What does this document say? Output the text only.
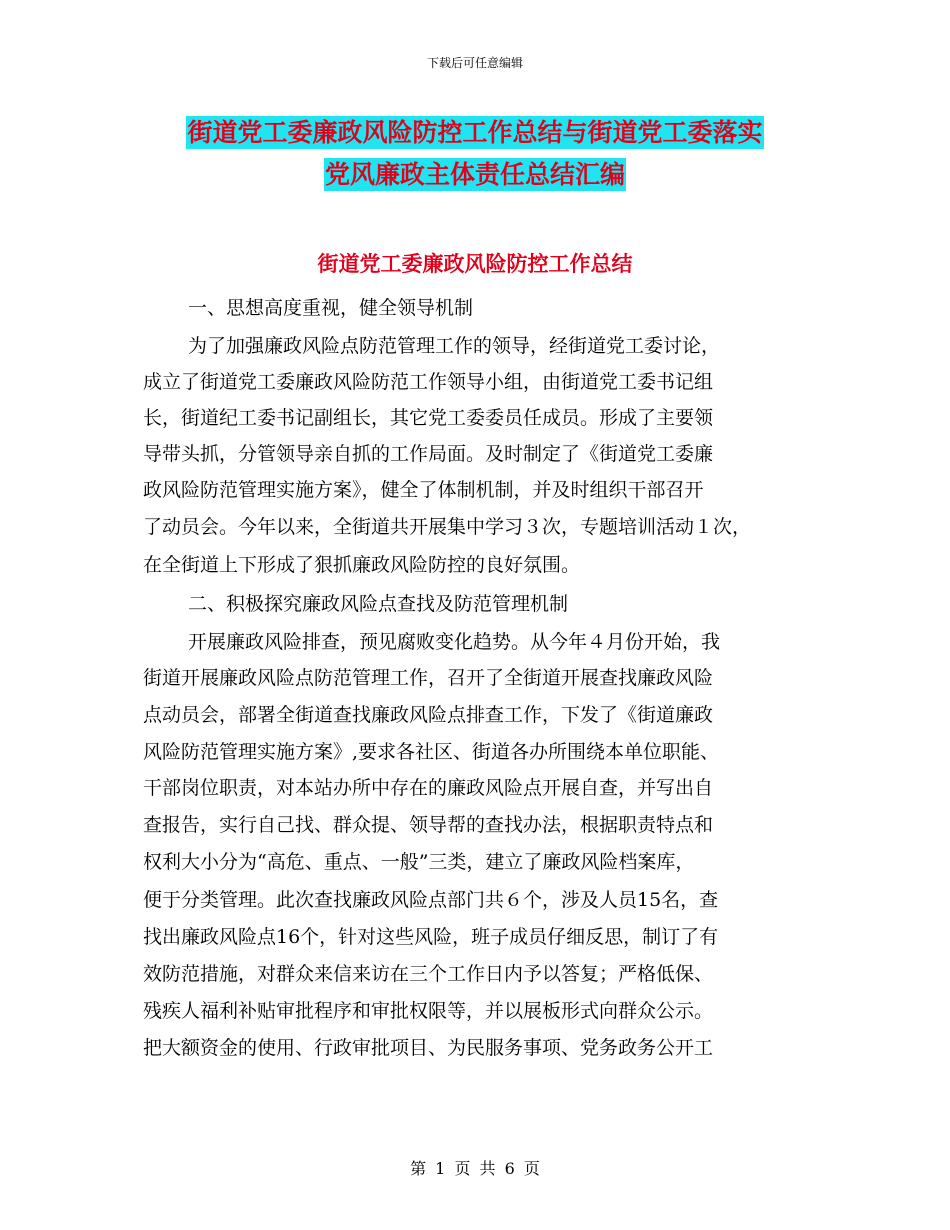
下载后可任意编辑
街道党工委廉政风险防控工作总结与街道党工委落实
党风廉政主体责任总结汇编
街道党工委廉政风险防控工作总结
一、思想高度重视，健全领导机制
为了加强廉政风险点防范管理工作的领导，经街道党工委讨论，
成立了街道党工委廉政风险防范工作领导小组，由街道党工委书记组
长，街道纪工委书记副组长，其它党工委委员任成员。形成了主要领
导带头抓，分管领导亲自抓的工作局面。及时制定了《街道党工委廉
政风险防范管理实施方案》，健全了体制机制，并及时组织干部召开
了动员会。今年以来，全街道共开展集中学习３次，专题培训活动１次，
在全街道上下形成了狠抓廉政风险防控的良好氛围。
二、积极探究廉政风险点查找及防范管理机制
开展廉政风险排查，预见腐败变化趋势。从今年４月份开始，我
街道开展廉政风险点防范管理工作，召开了全街道开展查找廉政风险
点动员会，部署全街道查找廉政风险点排查工作，下发了《街道廉政
风险防范管理实施方案》,要求各社区、街道各办所围绕本单位职能、
干部岗位职责，对本站办所中存在的廉政风险点开展自查，并写出自
查报告，实行自己找、群众提、领导帮的查找办法，根据职责特点和
权利大小分为“高危、重点、一般”三类，建立了廉政风险档案库，
便于分类管理。此次查找廉政风险点部门共６个，涉及人员15名，查
找出廉政风险点16个，针对这些风险，班子成员仔细反思，制订了有
效防范措施，对群众来信来访在三个工作日内予以答复；严格低保、
残疾人福利补贴审批程序和审批权限等，并以展板形式向群众公示。
把大额资金的使用、行政审批项目、为民服务事项、党务政务公开工
第 1 页 共 6 页
